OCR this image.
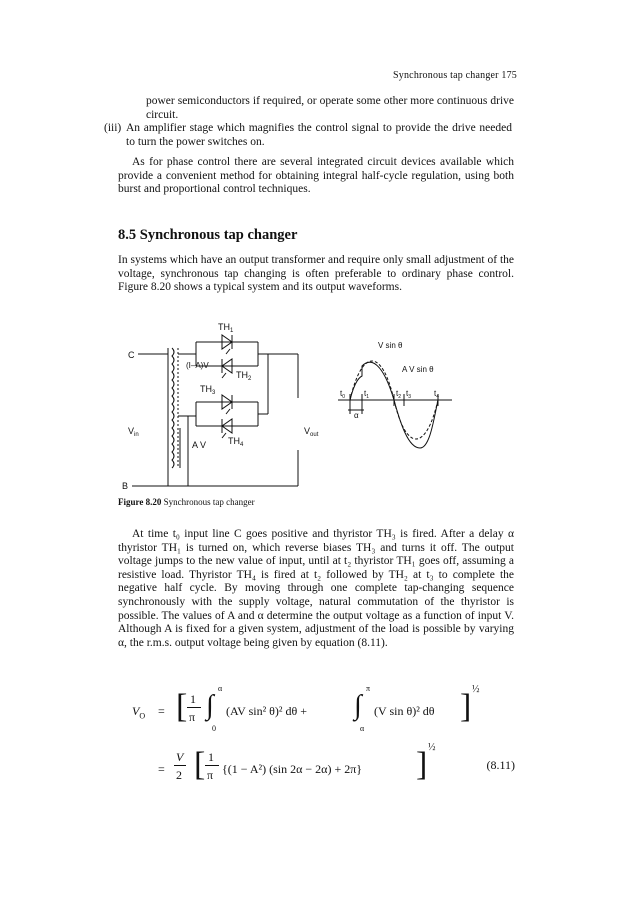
Synchronous tap changer 175
power semiconductors if required, or operate some other more continuous drive circuit.
(iii) An amplifier stage which magnifies the control signal to provide the drive needed to turn the power switches on.
As for phase control there are several integrated circuit devices available which provide a convenient method for obtaining integral half-cycle regulation, using both burst and proportional control techniques.
8.5 Synchronous tap changer
In systems which have an output transformer and require only small adjustment of the voltage, synchronous tap changing is often preferable to ordinary phase control. Figure 8.20 shows a typical system and its output waveforms.
$TH_1$
$TH_2$
$TH_3$
$TH_4$
C
B
(I–A)V
A V
$V_{in}$	$V_{out}$
V sin θ
A V sin θ
$t_0$ $t_1$	$t_2$ $t_3$	$t_4$
α
Figure 8.20 Synchronous tap changer
At time t₀ input line C goes positive and thyristor TH₃ is fired. After a delay α thyristor TH₁ is turned on, which reverse biases TH₃ and turns it off. The output voltage jumps to the new value of input, until at t₂ thyristor TH₁ goes off, assuming a resistive load. Thyristor TH₄ is fired at t₂ followed by TH₂ at t₃ to complete the negative half cycle. By moving through one complete tap-changing sequence synchronously with the supply voltage, natural commutation of the thyristor is possible. The values of A and α determine the output voltage as a function of input V. Although A is fixed for a given system, adjustment of the load is possible by varying α, the r.m.s. output voltage being given by equation (8.11).
$V_O$ = [ 1
π ∫
α
0
(AV sin² θ)² dθ + ∫
π
α
(V sin θ)² dθ ] ½
=
V
2 [ 1
π {(1 − A²) (sin 2α − 2α) + 2π} ] ½
(8.11)
